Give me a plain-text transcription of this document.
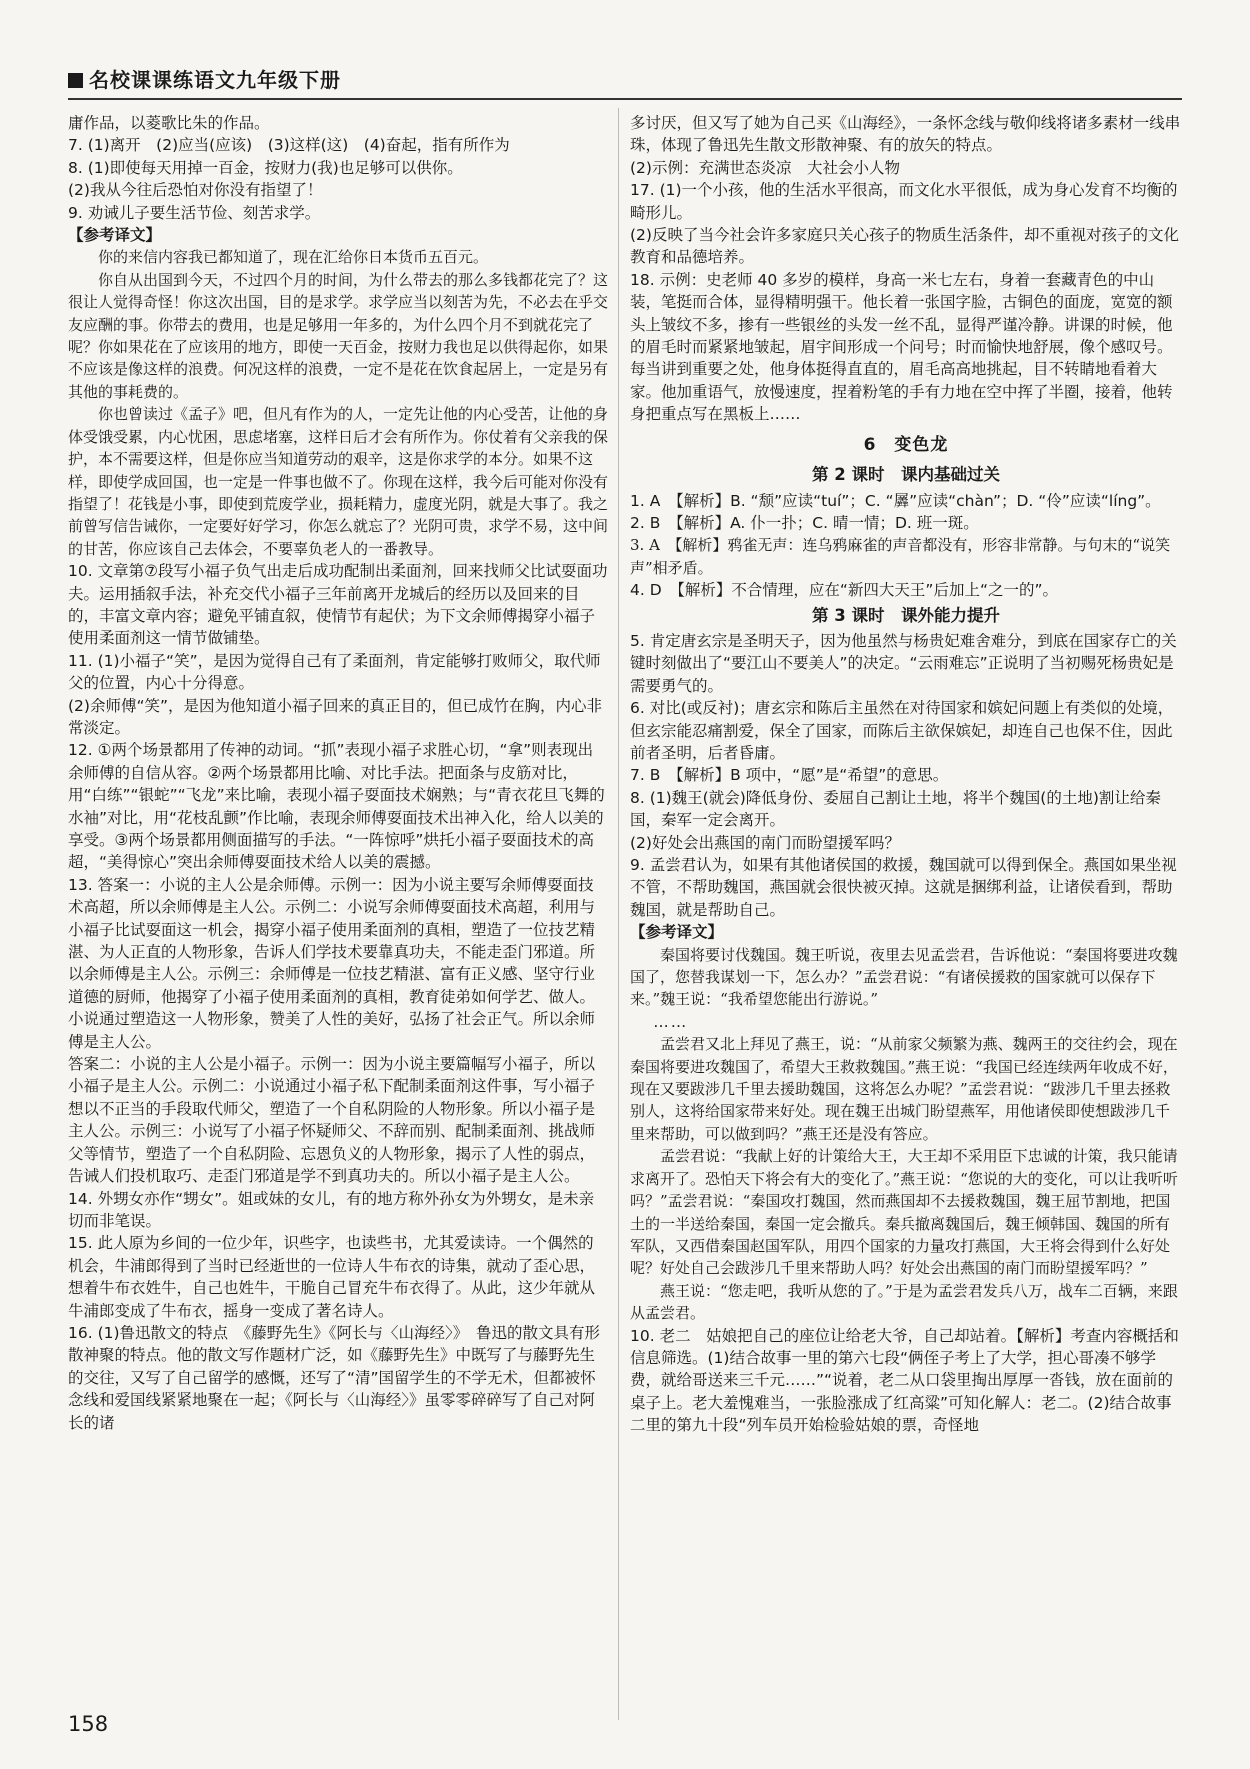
名校课课练语文九年级下册

庸作品，以菱歌比朱的作品。

7. (1)离开　(2)应当(应该)　(3)这样(这)　(4)奋起，指有所作为

8. (1)即使每天用掉一百金，按财力(我)也足够可以供你。

(2)我从今往后恐怕对你没有指望了！

9. 劝诫儿子要生活节俭、刻苦求学。

【参考译文】

你的来信内容我已都知道了，现在汇给你日本货币五百元。

你自从出国到今天，不过四个月的时间，为什么带去的那么多钱都花完了？这很让人觉得奇怪！你这次出国，目的是求学。求学应当以刻苦为先，不必去在乎交友应酬的事。你带去的费用，也是足够用一年多的，为什么四个月不到就花完了呢？你如果花在了应该用的地方，即使一天百金，按财力我也足以供得起你，如果不应该是像这样的浪费。何况这样的浪费，一定不是花在饮食起居上，一定是另有其他的事耗费的。

你也曾读过《孟子》吧，但凡有作为的人，一定先让他的内心受苦，让他的身体受饿受累，内心忧困，思虑堵塞，这样日后才会有所作为。你仗着有父亲我的保护，本不需要这样，但是你应当知道劳动的艰辛，这是你求学的本分。如果不这样，即使学成回国，也一定是一件事也做不了。你现在这样，我今后可能对你没有指望了！花钱是小事，即使到荒废学业，损耗精力，虚度光阴，就是大事了。我之前曾写信告诫你，一定要好好学习，你怎么就忘了？光阴可贵，求学不易，这中间的甘苦，你应该自己去体会，不要辜负老人的一番教导。

10. 文章第⑦段写小福子负气出走后成功配制出柔面剂，回来找师父比试耍面功夫。运用插叙手法，补充交代小福子三年前离开龙城后的经历以及回来的目的，丰富文章内容；避免平铺直叙，使情节有起伏；为下文余师傅揭穿小福子使用柔面剂这一情节做铺垫。

11. (1)小福子“笑”，是因为觉得自己有了柔面剂，肯定能够打败师父，取代师父的位置，内心十分得意。

(2)余师傅“笑”，是因为他知道小福子回来的真正目的，但已成竹在胸，内心非常淡定。

12. ①两个场景都用了传神的动词。“抓”表现小福子求胜心切，“拿”则表现出余师傅的自信从容。②两个场景都用比喻、对比手法。把面条与皮筋对比，用“白练”“银蛇”“飞龙”来比喻，表现小福子耍面技术娴熟；与“青衣花旦飞舞的水袖”对比，用“花枝乱颤”作比喻，表现余师傅耍面技术出神入化，给人以美的享受。③两个场景都用侧面描写的手法。“一阵惊呼”烘托小福子耍面技术的高超，“美得惊心”突出余师傅耍面技术给人以美的震撼。

13. 答案一：小说的主人公是余师傅。示例一：因为小说主要写余师傅耍面技术高超，所以余师傅是主人公。示例二：小说写余师傅耍面技术高超，利用与小福子比试耍面这一机会，揭穿小福子使用柔面剂的真相，塑造了一位技艺精湛、为人正直的人物形象，告诉人们学技术要靠真功夫，不能走歪门邪道。所以余师傅是主人公。示例三：余师傅是一位技艺精湛、富有正义感、坚守行业道德的厨师，他揭穿了小福子使用柔面剂的真相，教育徒弟如何学艺、做人。小说通过塑造这一人物形象，赞美了人性的美好，弘扬了社会正气。所以余师傅是主人公。

答案二：小说的主人公是小福子。示例一：因为小说主要篇幅写小福子，所以小福子是主人公。示例二：小说通过小福子私下配制柔面剂这件事，写小福子想以不正当的手段取代师父，塑造了一个自私阴险的人物形象。所以小福子是主人公。示例三：小说写了小福子怀疑师父、不辞而别、配制柔面剂、挑战师父等情节，塑造了一个自私阴险、忘恩负义的人物形象，揭示了人性的弱点，告诫人们投机取巧、走歪门邪道是学不到真功夫的。所以小福子是主人公。

14. 外甥女亦作“甥女”。姐或妹的女儿，有的地方称外孙女为外甥女，是未亲切而非笔误。

15. 此人原为乡间的一位少年，识些字，也读些书，尤其爱读诗。一个偶然的机会，牛浦郎得到了当时已经逝世的一位诗人牛布衣的诗集，就动了歪心思，想着牛布衣姓牛，自己也姓牛，干脆自己冒充牛布衣得了。从此，这少年就从牛浦郎变成了牛布衣，摇身一变成了著名诗人。

16. (1)鲁迅散文的特点　《藤野先生》《阿长与〈山海经〉》　鲁迅的散文具有形散神聚的特点。他的散文写作题材广泛，如《藤野先生》中既写了与藤野先生的交往，又写了自己留学的感慨，还写了“清”国留学生的不学无术，但都被怀念线和爱国线紧紧地聚在一起；《阿长与〈山海经〉》虽零零碎碎写了自己对阿长的诸

多讨厌，但又写了她为自己买《山海经》，一条怀念线与敬仰线将诸多素材一线串珠，体现了鲁迅先生散文形散神聚、有的放矢的特点。

(2)示例：充满世态炎凉　大社会小人物

17. (1)一个小孩，他的生活水平很高，而文化水平很低，成为身心发育不均衡的畸形儿。

(2)反映了当今社会许多家庭只关心孩子的物质生活条件，却不重视对孩子的文化教育和品德培养。

18. 示例：史老师 40 多岁的模样，身高一米七左右，身着一套藏青色的中山装，笔挺而合体，显得精明强干。他长着一张国字脸，古铜色的面庞，宽宽的额头上皱纹不多，掺有一些银丝的头发一丝不乱，显得严谨冷静。讲课的时候，他的眉毛时而紧紧地皱起，眉宇间形成一个问号；时而愉快地舒展，像个感叹号。每当讲到重要之处，他身体挺得直直的，眉毛高高地挑起，目不转睛地看着大家。他加重语气，放慢速度，捏着粉笔的手有力地在空中挥了半圈，接着，他转身把重点写在黑板上……

6　变色龙

第 2 课时　课内基础过关

1. A　【解析】B. “颓”应读“tuí”；C. “羼”应读“chàn”；D. “伶”应读“líng”。

2. B　【解析】A. 仆一扑；C. 晴一情；D. 班一斑。

3. A　【解析】鸦雀无声：连乌鸦麻雀的声音都没有，形容非常静。与句末的“说笑声”相矛盾。

4. D　【解析】不合情理，应在“新四大天王”后加上“之一的”。

第 3 课时　课外能力提升

5. 肯定唐玄宗是圣明天子，因为他虽然与杨贵妃难舍难分，到底在国家存亡的关键时刻做出了“要江山不要美人”的决定。“云雨难忘”正说明了当初赐死杨贵妃是需要勇气的。

6. 对比(或反衬)；唐玄宗和陈后主虽然在对待国家和嫔妃问题上有类似的处境，但玄宗能忍痛割爱，保全了国家，而陈后主欲保嫔妃，却连自己也保不住，因此前者圣明，后者昏庸。

7. B　【解析】B 项中，“愿”是“希望”的意思。

8. (1)魏王(就会)降低身份、委屈自己割让土地，将半个魏国(的土地)割让给秦国，秦军一定会离开。

(2)好处会出燕国的南门而盼望援军吗？

9. 孟尝君认为，如果有其他诸侯国的救援，魏国就可以得到保全。燕国如果坐视不管，不帮助魏国，燕国就会很快被灭掉。这就是捆绑利益，让诸侯看到，帮助魏国，就是帮助自己。

【参考译文】

秦国将要讨伐魏国。魏王听说，夜里去见孟尝君，告诉他说：“秦国将要进攻魏国了，您替我谋划一下，怎么办？”孟尝君说：“有诸侯援救的国家就可以保存下来。”魏王说：“我希望您能出行游说。”

……

孟尝君又北上拜见了燕王，说：“从前家父频繁为燕、魏两王的交往约会，现在秦国将要进攻魏国了，希望大王救救魏国。”燕王说：“我国已经连续两年收成不好，现在又要跋涉几千里去援助魏国，这将怎么办呢？”孟尝君说：“跋涉几千里去拯救别人，这将给国家带来好处。现在魏王出城门盼望燕军，用他诸侯即使想跋涉几千里来帮助，可以做到吗？”燕王还是没有答应。

孟尝君说：“我献上好的计策给大王，大王却不采用臣下忠诚的计策，我只能请求离开了。恐怕天下将会有大的变化了。”燕王说：“您说的大的变化，可以让我听听吗？”孟尝君说：“秦国攻打魏国，然而燕国却不去援救魏国，魏王屈节割地，把国土的一半送给秦国，秦国一定会撤兵。秦兵撤离魏国后，魏王倾韩国、魏国的所有军队，又西借秦国赵国军队，用四个国家的力量攻打燕国，大王将会得到什么好处呢？好处自己会跋涉几千里来帮助人吗？好处会出燕国的南门而盼望援军吗？”

燕王说：“您走吧，我听从您的了。”于是为孟尝君发兵八万，战车二百辆，来跟从孟尝君。

10. 老二　姑娘把自己的座位让给老大爷，自己却站着。【解析】考查内容概括和信息筛选。(1)结合故事一里的第六七段“俩侄子考上了大学，担心哥凑不够学费，就给哥送来三千元……”“说着，老二从口袋里掏出厚厚一沓钱，放在面前的桌子上。老大羞愧难当，一张脸涨成了红高粱”可知化解人：老二。(2)结合故事二里的第九十段“列车员开始检验姑娘的票，奇怪地

158
